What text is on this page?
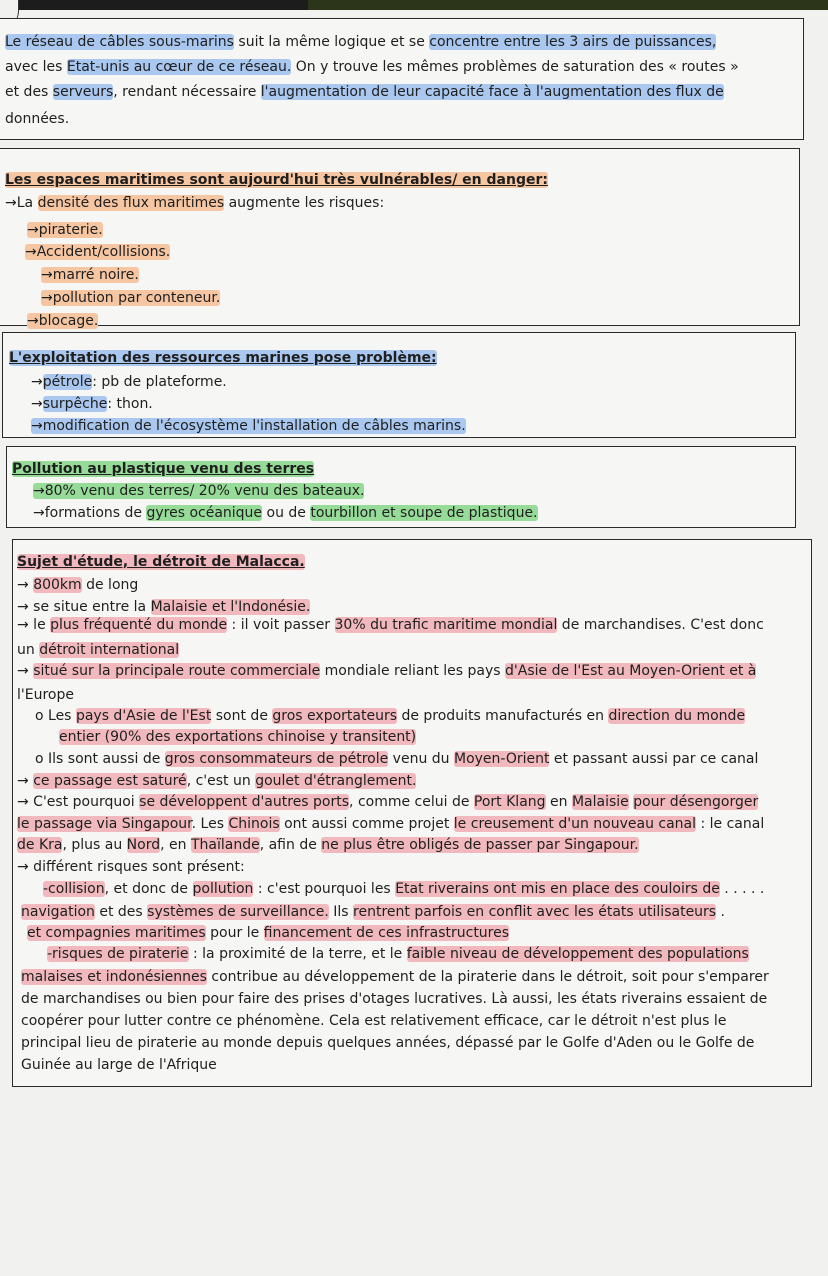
Le réseau de câbles sous-marins suit la même logique et se concentre entre les 3 airs de puissances,
avec les Etat-unis au cœur de ce réseau. On y trouve les mêmes problèmes de saturation des « routes »
et des serveurs, rendant nécessaire l'augmentation de leur capacité face à l'augmentation des flux de
données.
Les espaces maritimes sont aujourd'hui très vulnérables/ en danger:
→La densité des flux maritimes augmente les risques:
→piraterie.
→Accident/collisions.
→marré noire.
→pollution par conteneur.
→blocage.
L'exploitation des ressources marines pose problème:
→pétrole: pb de plateforme.
→surpêche: thon.
→modification de l'écosystème l'installation de câbles marins.
Pollution au plastique venu des terres
→80% venu des terres/ 20% venu des bateaux.
→formations de gyres océanique ou de tourbillon et soupe de plastique.
Sujet d'étude, le détroit de Malacca.
→ 800km de long
→ se situe entre la Malaisie et l'Indonésie.
→ le plus fréquenté du monde : il voit passer 30% du trafic maritime mondial de marchandises. C'est donc
un détroit international
→ situé sur la principale route commerciale mondiale reliant les pays d'Asie de l'Est au Moyen-Orient et à
l'Europe
o Les pays d'Asie de l'Est sont de gros exportateurs de produits manufacturés en direction du monde
entier (90% des exportations chinoise y transitent)
o Ils sont aussi de gros consommateurs de pétrole venu du Moyen-Orient et passant aussi par ce canal
→ ce passage est saturé, c'est un goulet d'étranglement.
→ C'est pourquoi se développent d'autres ports, comme celui de Port Klang en Malaisie pour désengorger
le passage via Singapour. Les Chinois ont aussi comme projet le creusement d'un nouveau canal : le canal
de Kra, plus au Nord, en Thaïlande, afin de ne plus être obligés de passer par Singapour.
→ différent risques sont présent:
-collision, et donc de pollution : c'est pourquoi les Etat riverains ont mis en place des couloirs de . . . . .
navigation et des systèmes de surveillance. Ils rentrent parfois en conflit avec les états utilisateurs .
et compagnies maritimes pour le financement de ces infrastructures
-risques de piraterie : la proximité de la terre, et le faible niveau de développement des populations
malaises et indonésiennes contribue au développement de la piraterie dans le détroit, soit pour s'emparer
de marchandises ou bien pour faire des prises d'otages lucratives. Là aussi, les états riverains essaient de
coopérer pour lutter contre ce phénomène. Cela est relativement efficace, car le détroit n'est plus le
principal lieu de piraterie au monde depuis quelques années, dépassé par le Golfe d'Aden ou le Golfe de
Guinée au large de l'Afrique
